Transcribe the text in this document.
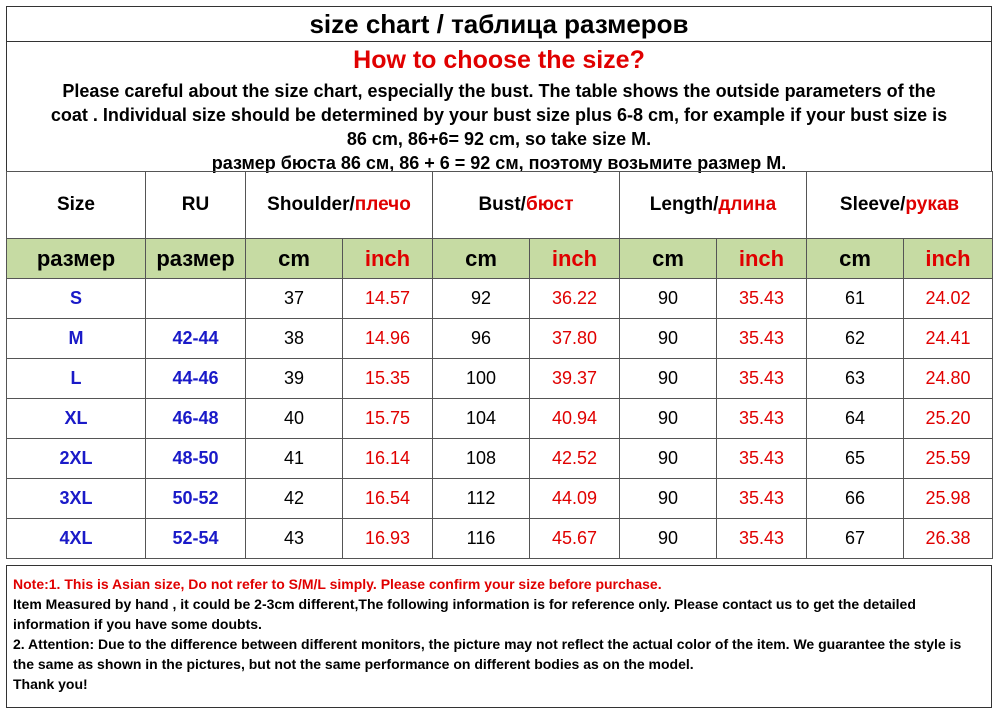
size chart / таблица размеров
How to choose the size?
Please careful about the size chart, especially the bust. The table shows the outside parameters of the
coat . Individual size should be determined by your bust size plus 6-8 cm, for example if your bust size is
86 cm, 86+6= 92 cm, so take size M.
размер бюста 86 см, 86 + 6 = 92 см, поэтому возьмите размер M.
Size	RU	Shoulder/плечо		Bust/бюст		Length/длина		Sleeve/рукав	
размер	размер	cm	inch	cm	inch	cm	inch	cm	inch
S		37	14.57	92	36.22	90	35.43	61	24.02
M	42-44	38	14.96	96	37.80	90	35.43	62	24.41
L	44-46	39	15.35	100	39.37	90	35.43	63	24.80
XL	46-48	40	15.75	104	40.94	90	35.43	64	25.20
2XL	48-50	41	16.14	108	42.52	90	35.43	65	25.59
3XL	50-52	42	16.54	112	44.09	90	35.43	66	25.98
4XL	52-54	43	16.93	116	45.67	90	35.43	67	26.38
Note:1. This is Asian size, Do not refer to S/M/L simply. Please confirm your size before purchase.
Item Measured by hand , it could be 2-3cm different,The following information is for reference only. Please contact us to get the detailed information if you have some doubts.
2. Attention: Due to the difference between different monitors, the picture may not reflect the actual color of the item. We guarantee the style is the same as shown in the pictures, but not the same performance on different bodies as on the model.
Thank you!
